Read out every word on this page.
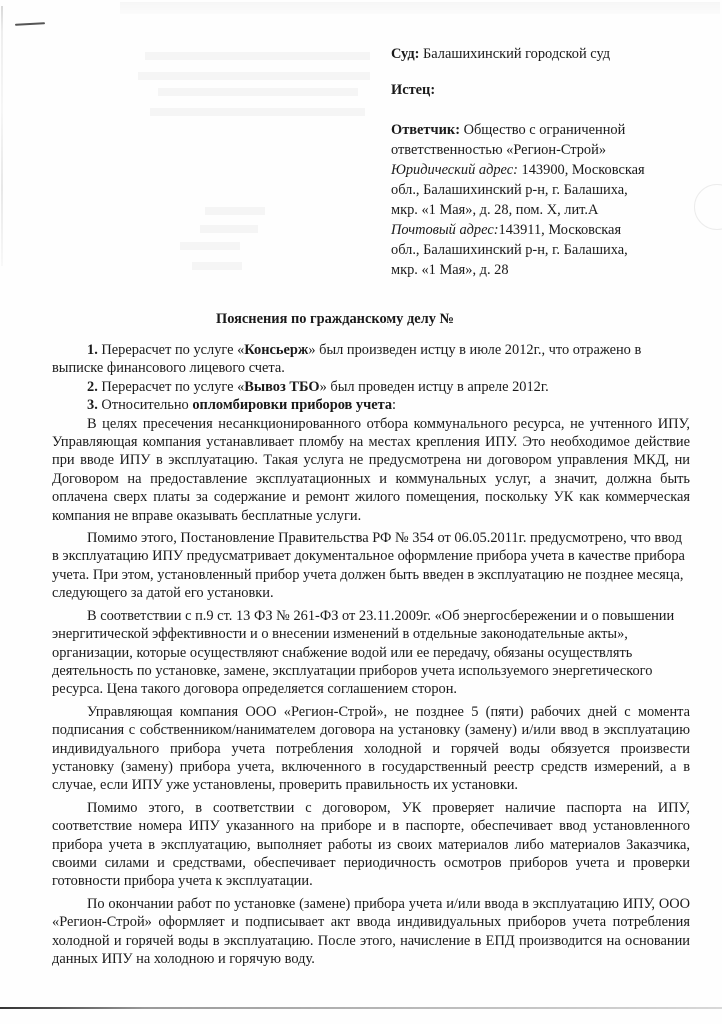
Суд: Балашихинский городской суд

Истец:

Ответчик: Общество с ограниченной

ответственностью «Регион-Строй»

Юридический адрес: 143900, Московская

обл., Балашихинский р-н, г. Балашиха,

мкр. «1 Мая», д. 28, пом. X, лит.А

Почтовый адрес:143911, Московская

обл., Балашихинский р-н, г. Балашиха,

мкр. «1 Мая», д. 28

Пояснения по гражданскому делу №

1. Перерасчет по услуге «Консьерж» был произведен истцу в июле 2012г., что отражено в выписке финансового лицевого счета.

2. Перерасчет по услуге «Вывоз ТБО» был проведен истцу в апреле 2012г.

3. Относительно опломбировки приборов учета:

В целях пресечения несанкционированного отбора коммунального ресурса, не учтенного ИПУ, Управляющая компания устанавливает пломбу на местах крепления ИПУ. Это необходимое действие при вводе ИПУ в эксплуатацию. Такая услуга не предусмотрена ни договором управления МКД, ни Договором на предоставление эксплуатационных и коммунальных услуг, а значит, должна быть оплачена сверх платы за содержание и ремонт жилого помещения, поскольку УК как коммерческая компания не вправе оказывать бесплатные услуги.

Помимо этого, Постановление Правительства РФ № 354 от 06.05.2011г. предусмотрено, что ввод в эксплуатацию ИПУ предусматривает документальное оформление прибора учета в качестве прибора учета. При этом, установленный прибор учета должен быть введен в эксплуатацию не позднее месяца, следующего за датой его установки.

В соответствии с п.9 ст. 13 ФЗ № 261-ФЗ от 23.11.2009г. «Об энергосбережении и о повышении энергитической эффективности и о внесении изменений в отдельные законодательные акты», организации, которые осуществляют снабжение водой или ее передачу, обязаны осуществлять деятельность по установке, замене, эксплуатации приборов учета используемого энергетического ресурса. Цена такого договора определяется соглашением сторон.

Управляющая компания ООО «Регион-Строй», не позднее 5 (пяти) рабочих дней с момента подписания с собственником/нанимателем договора на установку (замену) и/или ввод в эксплуатацию индивидуального прибора учета потребления холодной и горячей воды обязуется произвести установку (замену) прибора учета, включенного в государственный реестр средств измерений, а в случае, если ИПУ уже установлены, проверить правильность их установки.

Помимо этого, в соответствии с договором, УК проверяет наличие паспорта на ИПУ, соответствие номера ИПУ указанного на приборе и в паспорте, обеспечивает ввод установленного прибора учета в эксплуатацию, выполняет работы из своих материалов либо материалов Заказчика, своими силами и средствами, обеспечивает периодичность осмотров приборов учета и проверки готовности прибора учета к эксплуатации.

По окончании работ по установке (замене) прибора учета и/или ввода в эксплуатацию ИПУ, ООО «Регион-Строй» оформляет и подписывает акт ввода индивидуальных приборов учета потребления холодной и горячей воды в эксплуатацию. После этого, начисление в ЕПД производится на основании данных ИПУ на холодною и горячую воду.
